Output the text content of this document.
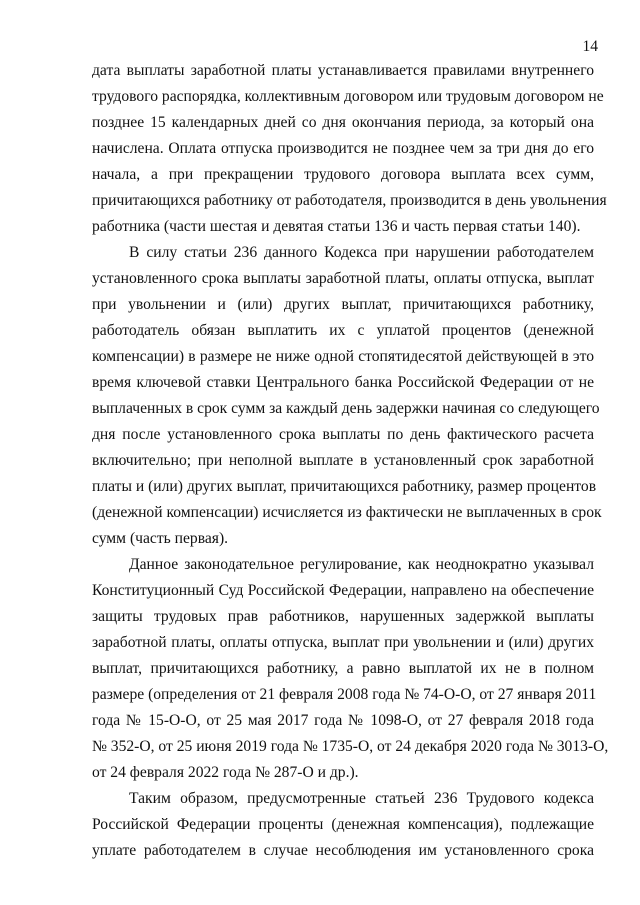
14
дата выплаты заработной платы устанавливается правилами внутреннего
трудового распорядка, коллективным договором или трудовым договором не
позднее 15 календарных дней со дня окончания периода, за который она
начислена. Оплата отпуска производится не позднее чем за три дня до его
начала, а при прекращении трудового договора выплата всех сумм,
причитающихся работнику от работодателя, производится в день увольнения
работника (части шестая и девятая статьи 136 и часть первая статьи 140).
В силу статьи 236 данного Кодекса при нарушении работодателем
установленного срока выплаты заработной платы, оплаты отпуска, выплат
при увольнении и (или) других выплат, причитающихся работнику,
работодатель обязан выплатить их с уплатой процентов (денежной
компенсации) в размере не ниже одной стопятидесятой действующей в это
время ключевой ставки Центрального банка Российской Федерации от не
выплаченных в срок сумм за каждый день задержки начиная со следующего
дня после установленного срока выплаты по день фактического расчета
включительно; при неполной выплате в установленный срок заработной
платы и (или) других выплат, причитающихся работнику, размер процентов
(денежной компенсации) исчисляется из фактически не выплаченных в срок
сумм (часть первая).
Данное законодательное регулирование, как неоднократно указывал
Конституционный Суд Российской Федерации, направлено на обеспечение
защиты трудовых прав работников, нарушенных задержкой выплаты
заработной платы, оплаты отпуска, выплат при увольнении и (или) других
выплат, причитающихся работнику, а равно выплатой их не в полном
размере (определения от 21 февраля 2008 года № 74-О-О, от 27 января 2011
года № 15-О-О, от 25 мая 2017 года № 1098-О, от 27 февраля 2018 года
№ 352-О, от 25 июня 2019 года № 1735-О, от 24 декабря 2020 года № 3013-О,
от 24 февраля 2022 года № 287-О и др.).
Таким образом, предусмотренные статьей 236 Трудового кодекса
Российской Федерации проценты (денежная компенсация), подлежащие
уплате работодателем в случае несоблюдения им установленного срока
